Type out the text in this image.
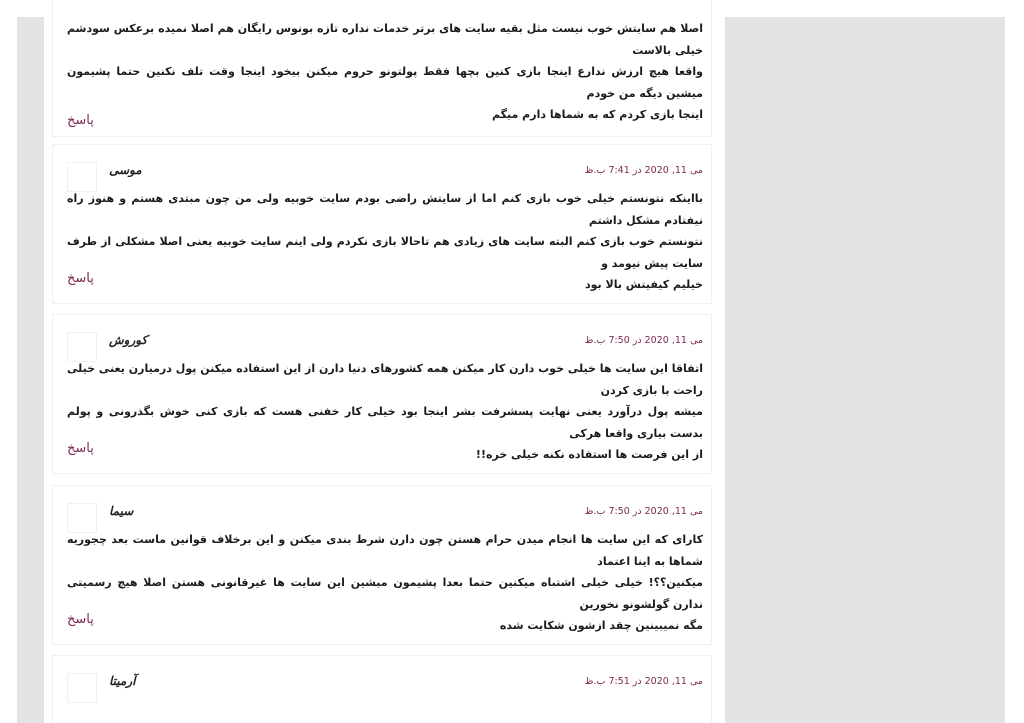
اصلا هم سایتش خوب نیست مثل بقیه سایت های برتر خدمات نداره تازه بونوس رایگان هم اصلا نمیده برعکس سودشم خیلی بالاست
واقعا هیچ ارزش ندارع اینجا بازی کنین بچها فقط پولتونو حروم میکنن بیخود اینجا وقت تلف نکنین حتما پشیمون میشین دیگه من خودم
اینجا بازی کردم که به شماها دارم میگم
پاسخ
موسی	می 11, 2020 در 7:41 ب.ظ
بااینکه نتونستم خیلی خوب بازی کنم اما از سایتش راضی بودم سایت خوبیه ولی من چون مبتدی هستم و هنوز راه نیفتادم مشکل داشتم
نتونستم خوب بازی کنم البته سایت های زیادی هم تاحالا بازی نکردم ولی اینم سایت خوبیه یعنی اصلا مشکلی از طرف سایت پیش نیومد و
خیلیم کیفیتش بالا بود
پاسخ
کوروش	می 11, 2020 در 7:50 ب.ظ
اتفاقا این سایت ها خیلی خوب دارن کار میکنن همه کشورهای دنیا دارن از این استفاده میکنن پول درمیارن یعنی خیلی راحت با بازی کردن
میشه پول درآورد یعنی نهایت پسشرفت بشر اینجا بود خیلی کار خفنی هست که بازی کنی خوش بگذرونی و پولم بدست بیاری واقعا هرکی
از این فرصت ها استفاده نکنه خیلی خره!!
پاسخ
سیما	می 11, 2020 در 7:50 ب.ظ
کارای که این سایت ها انجام میدن حرام هستن چون دارن شرط بندی میکنن و این برخلاف قوانین ماست بعد چجوریه شماها به اینا اعتماد
میکنین؟؟! خیلی خیلی اشتباه میکنین حتما بعدا پشیمون میشین این سایت ها غیرقانونی هستن اصلا هیچ رسمیتی ندارن گولشونو نخورین
مگه نمیبینین چقد ازشون شکایت شده
پاسخ
آرمیتا	می 11, 2020 در 7:51 ب.ظ
